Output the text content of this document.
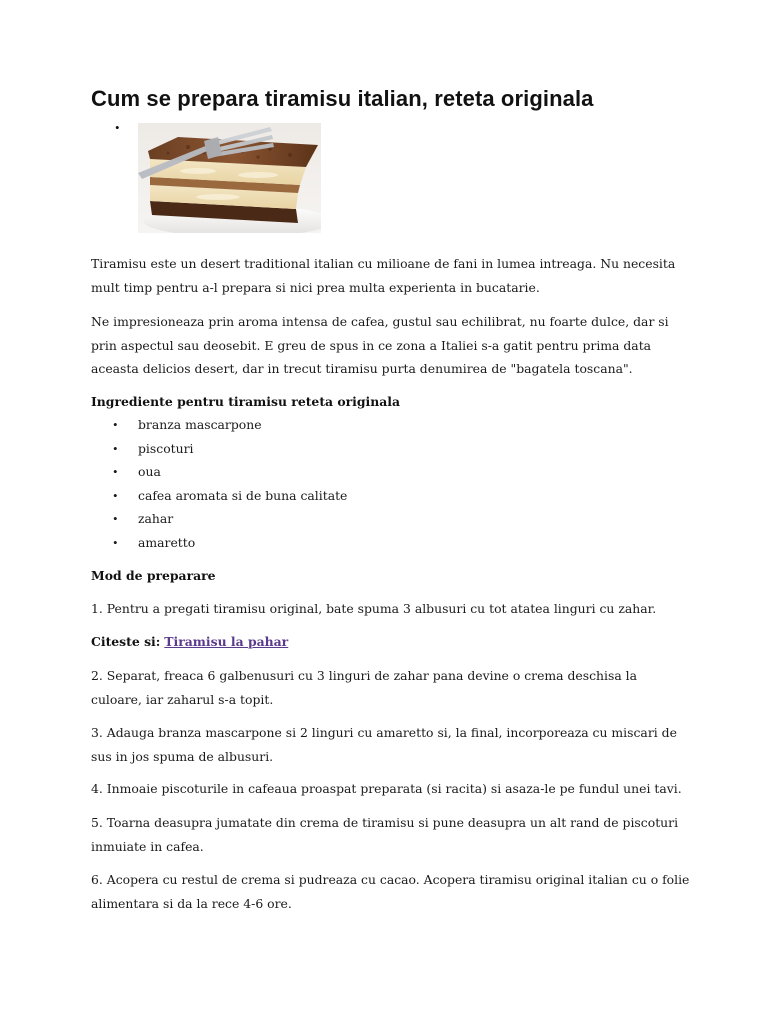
Cum se prepara tiramisu italian, reteta originala
•

Tiramisu este un desert traditional italian cu milioane de fani in lumea intreaga. Nu necesita mult timp pentru a-l prepara si nici prea multa experienta in bucatarie.

Ne impresioneaza prin aroma intensa de cafea, gustul sau echilibrat, nu foarte dulce, dar si prin aspectul sau deosebit. E greu de spus in ce zona a Italiei s-a gatit pentru prima data aceasta delicios desert, dar in trecut tiramisu purta denumirea de "bagatela toscana".

Ingrediente pentru tiramisu reteta originala

• branza mascarpone
• piscoturi
• oua
• cafea aromata si de buna calitate
• zahar
• amaretto

Mod de preparare

1. Pentru a pregati tiramisu original, bate spuma 3 albusuri cu tot atatea linguri cu zahar.

Citeste si: Tiramisu la pahar

2. Separat, freaca 6 galbenusuri cu 3 linguri de zahar pana devine o crema deschisa la culoare, iar zaharul s-a topit.

3. Adauga branza mascarpone si 2 linguri cu amaretto si, la final, incorporeaza cu miscari de sus in jos spuma de albusuri.

4. Inmoaie piscoturile in cafeaua proaspat preparata (si racita) si asaza-le pe fundul unei tavi.

5. Toarna deasupra jumatate din crema de tiramisu si pune deasupra un alt rand de piscoturi inmuiate in cafea.

6. Acopera cu restul de crema si pudreaza cu cacao. Acopera tiramisu original italian cu o folie alimentara si da la rece 4-6 ore.
